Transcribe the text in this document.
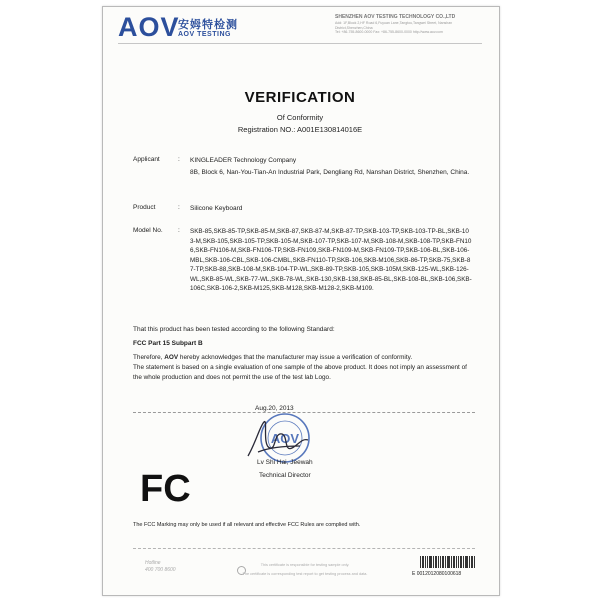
AOV
安姆特检测
AOV TESTING
SHENZHEN AOV TESTING TECHNOLOGY CO.,LTD
Add: 1F,Block 2,HF Road 6,Fuyuan Lane,Tangtou,Tangwei Street, Nanshan District,Shenzhen,China
Tel: +86-755-8600-0000 Fax: +86-755-8600-0000 http://www.aov.com
VERIFICATION
Of Conformity
Registration NO.: A001E130814016E
Applicant	: KINGLEADER Technology Company
8B, Block 6, Nan-You-Tian-An Industrial Park, Dengliang Rd, Nanshan District, Shenzhen, China.
Product	: Silicone Keyboard
Model No. : SKB-85,SKB-85-TP,SKB-85-M,SKB-87,SKB-87-M,SKB-87-TP,SKB-103-TP,SKB-103-TP-BL,SKB-103-M,SKB-105,SKB-105-TP,SKB-105-M,SKB-107-TP,SKB-107-M,SKB-108-M,SKB-108-TP,SKB-FN106,SKB-FN106-M,SKB-FN106-TP,SKB-FN109,SKB-FN109-M,SKB-FN109-TP,SKB-106-BL,SKB-106-MBL,SKB-106-CBL,SKB-106-CMBL,SKB-FN110-TP,SKB-106,SKB-M106,SKB-86-TP,SKB-75,SKB-87-TP,SKB-88,SKB-108-M,SKB-104-TP-WL,SKB-89-TP,SKB-105,SKB-105M,SKB-125-WL,SKB-126-WL,SKB-85-WL,SKB-77-WL,SKB-78-WL,SKB-130,SKB-138,SKB-85-BL,SKB-108-BL,SKB-106,SKB-106C,SKB-106-2,SKB-M125,SKB-M128,SKB-M128-2,SKB-M109.
That this product has been tested according to the following Standard:
FCC Part 15 Subpart B
Therefore, AOV hereby acknowledges that the manufacturer may issue a verification of conformity.
The statement is based on a single evaluation of one sample of the above product. It does not imply an assessment of the whole production and does not permit the use of the test lab Logo.
Aug.20, 2013
AOV
Lv Shi Hai, Jeewah
Technical Director
FC
The FCC Marking may only be used if all relevant and effective FCC Rules are complied with.
Hotline
400 700 8600
This certificate is responsible for testing sample only.
The certificate is corresponding test report to get testing process and data.	E 001201208010061​8
